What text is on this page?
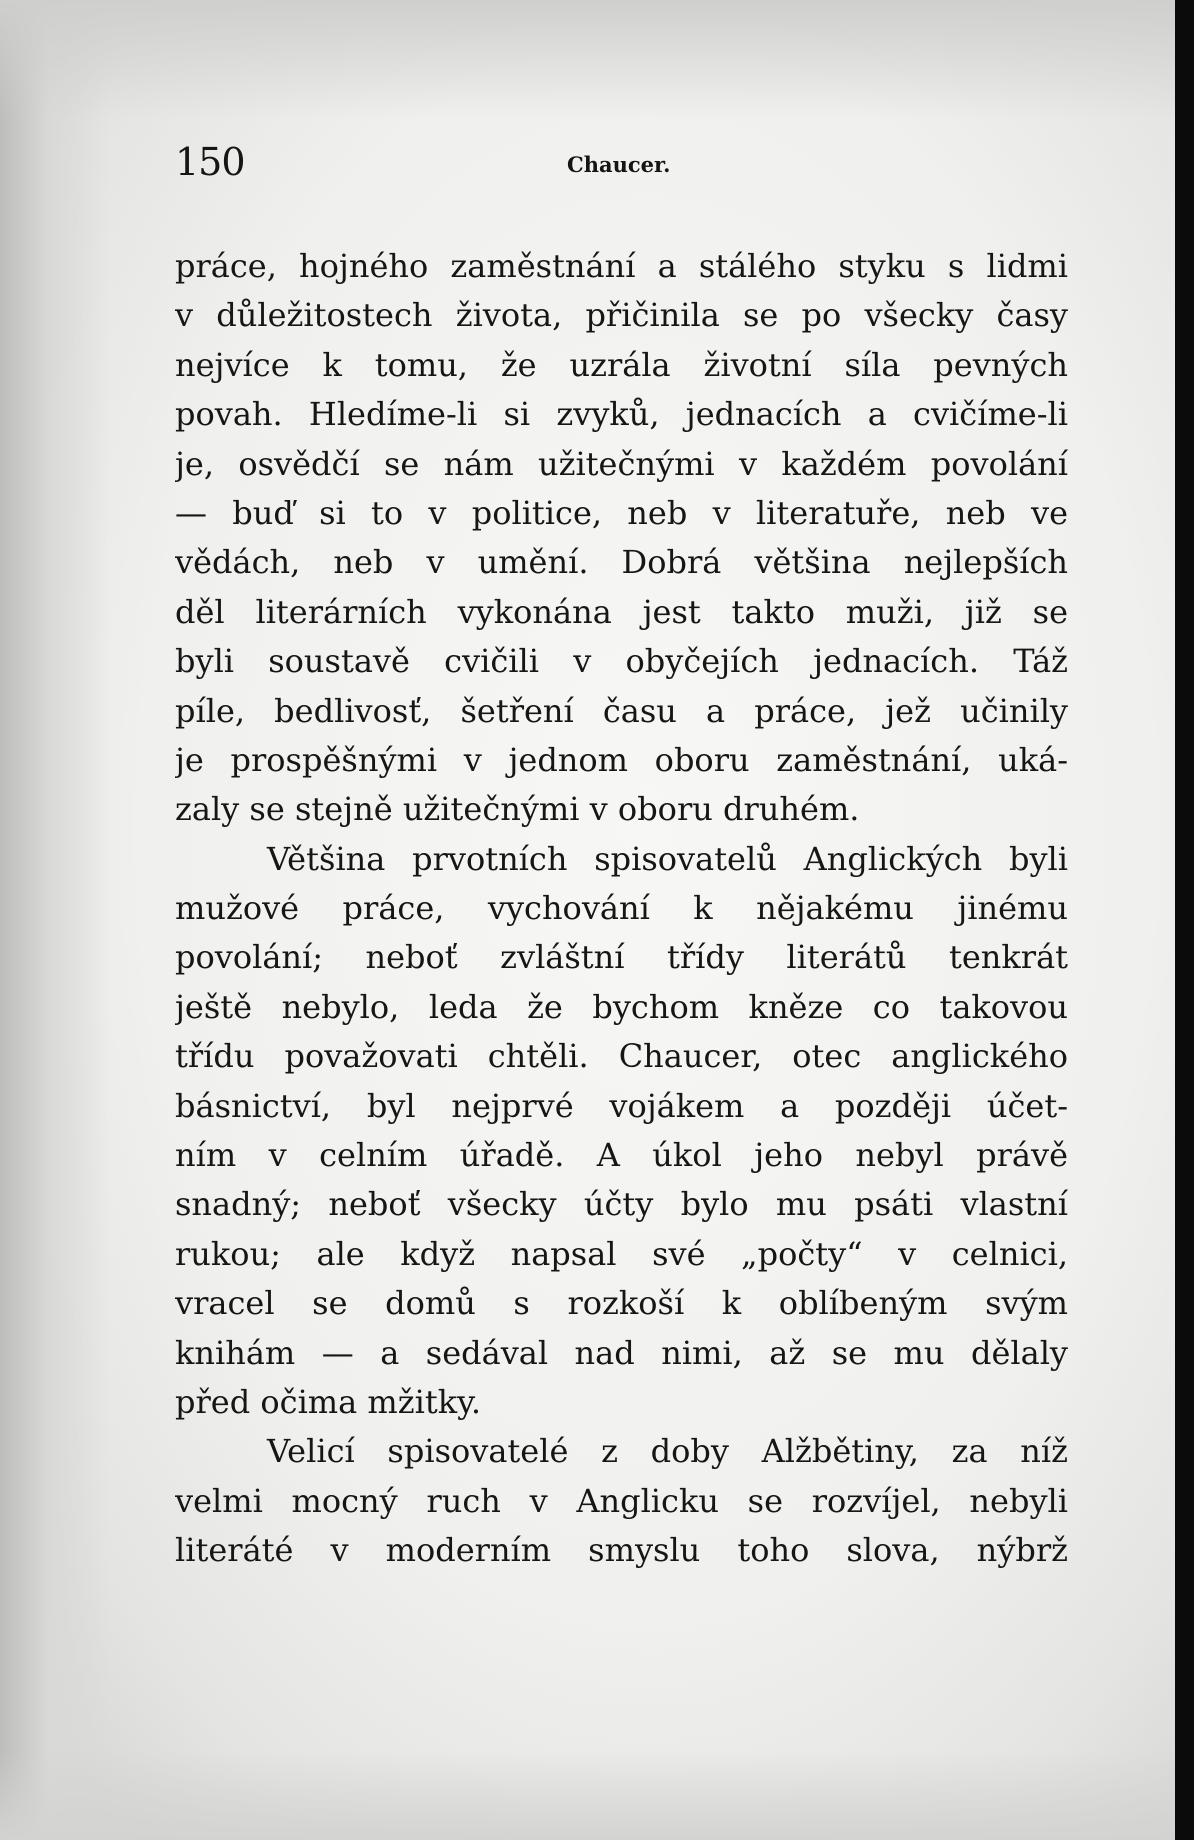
150	Chaucer.
práce, hojného zaměstnání a stálého styku s lidmi
v důležitostech života, přičinila se po všecky časy
nejvíce k tomu, že uzrála životní síla pevných
povah. Hledíme-li si zvyků, jednacích a cvičíme-li
je, osvědčí se nám užitečnými v každém povolání
— buď si to v politice, neb v literatuře, neb ve
vědách, neb v umění. Dobrá většina nejlepších
děl literárních vykonána jest takto muži, již se
byli soustavě cvičili v obyčejích jednacích. Táž
píle, bedlivosť, šetření času a práce, jež učinily
je prospěšnými v jednom oboru zaměstnání, uká-
zaly se stejně užitečnými v oboru druhém.
Většina prvotních spisovatelů Anglických byli
mužové práce, vychování k nějakému jinému
povolání; neboť zvláštní třídy literátů tenkrát
ještě nebylo, leda že bychom kněze co takovou
třídu považovati chtěli. Chaucer, otec anglického
básnictví, byl nejprvé vojákem a později účet-
ním v celním úřadě. A úkol jeho nebyl právě
snadný; neboť všecky účty bylo mu psáti vlastní
rukou; ale když napsal své „počty“ v celnici,
vracel se domů s rozkoší k oblíbeným svým
knihám — a sedával nad nimi, až se mu dělaly
před očima mžitky.
Velicí spisovatelé z doby Alžbětiny, za níž
velmi mocný ruch v Anglicku se rozvíjel, nebyli
literáté v moderním smyslu toho slova, nýbrž
